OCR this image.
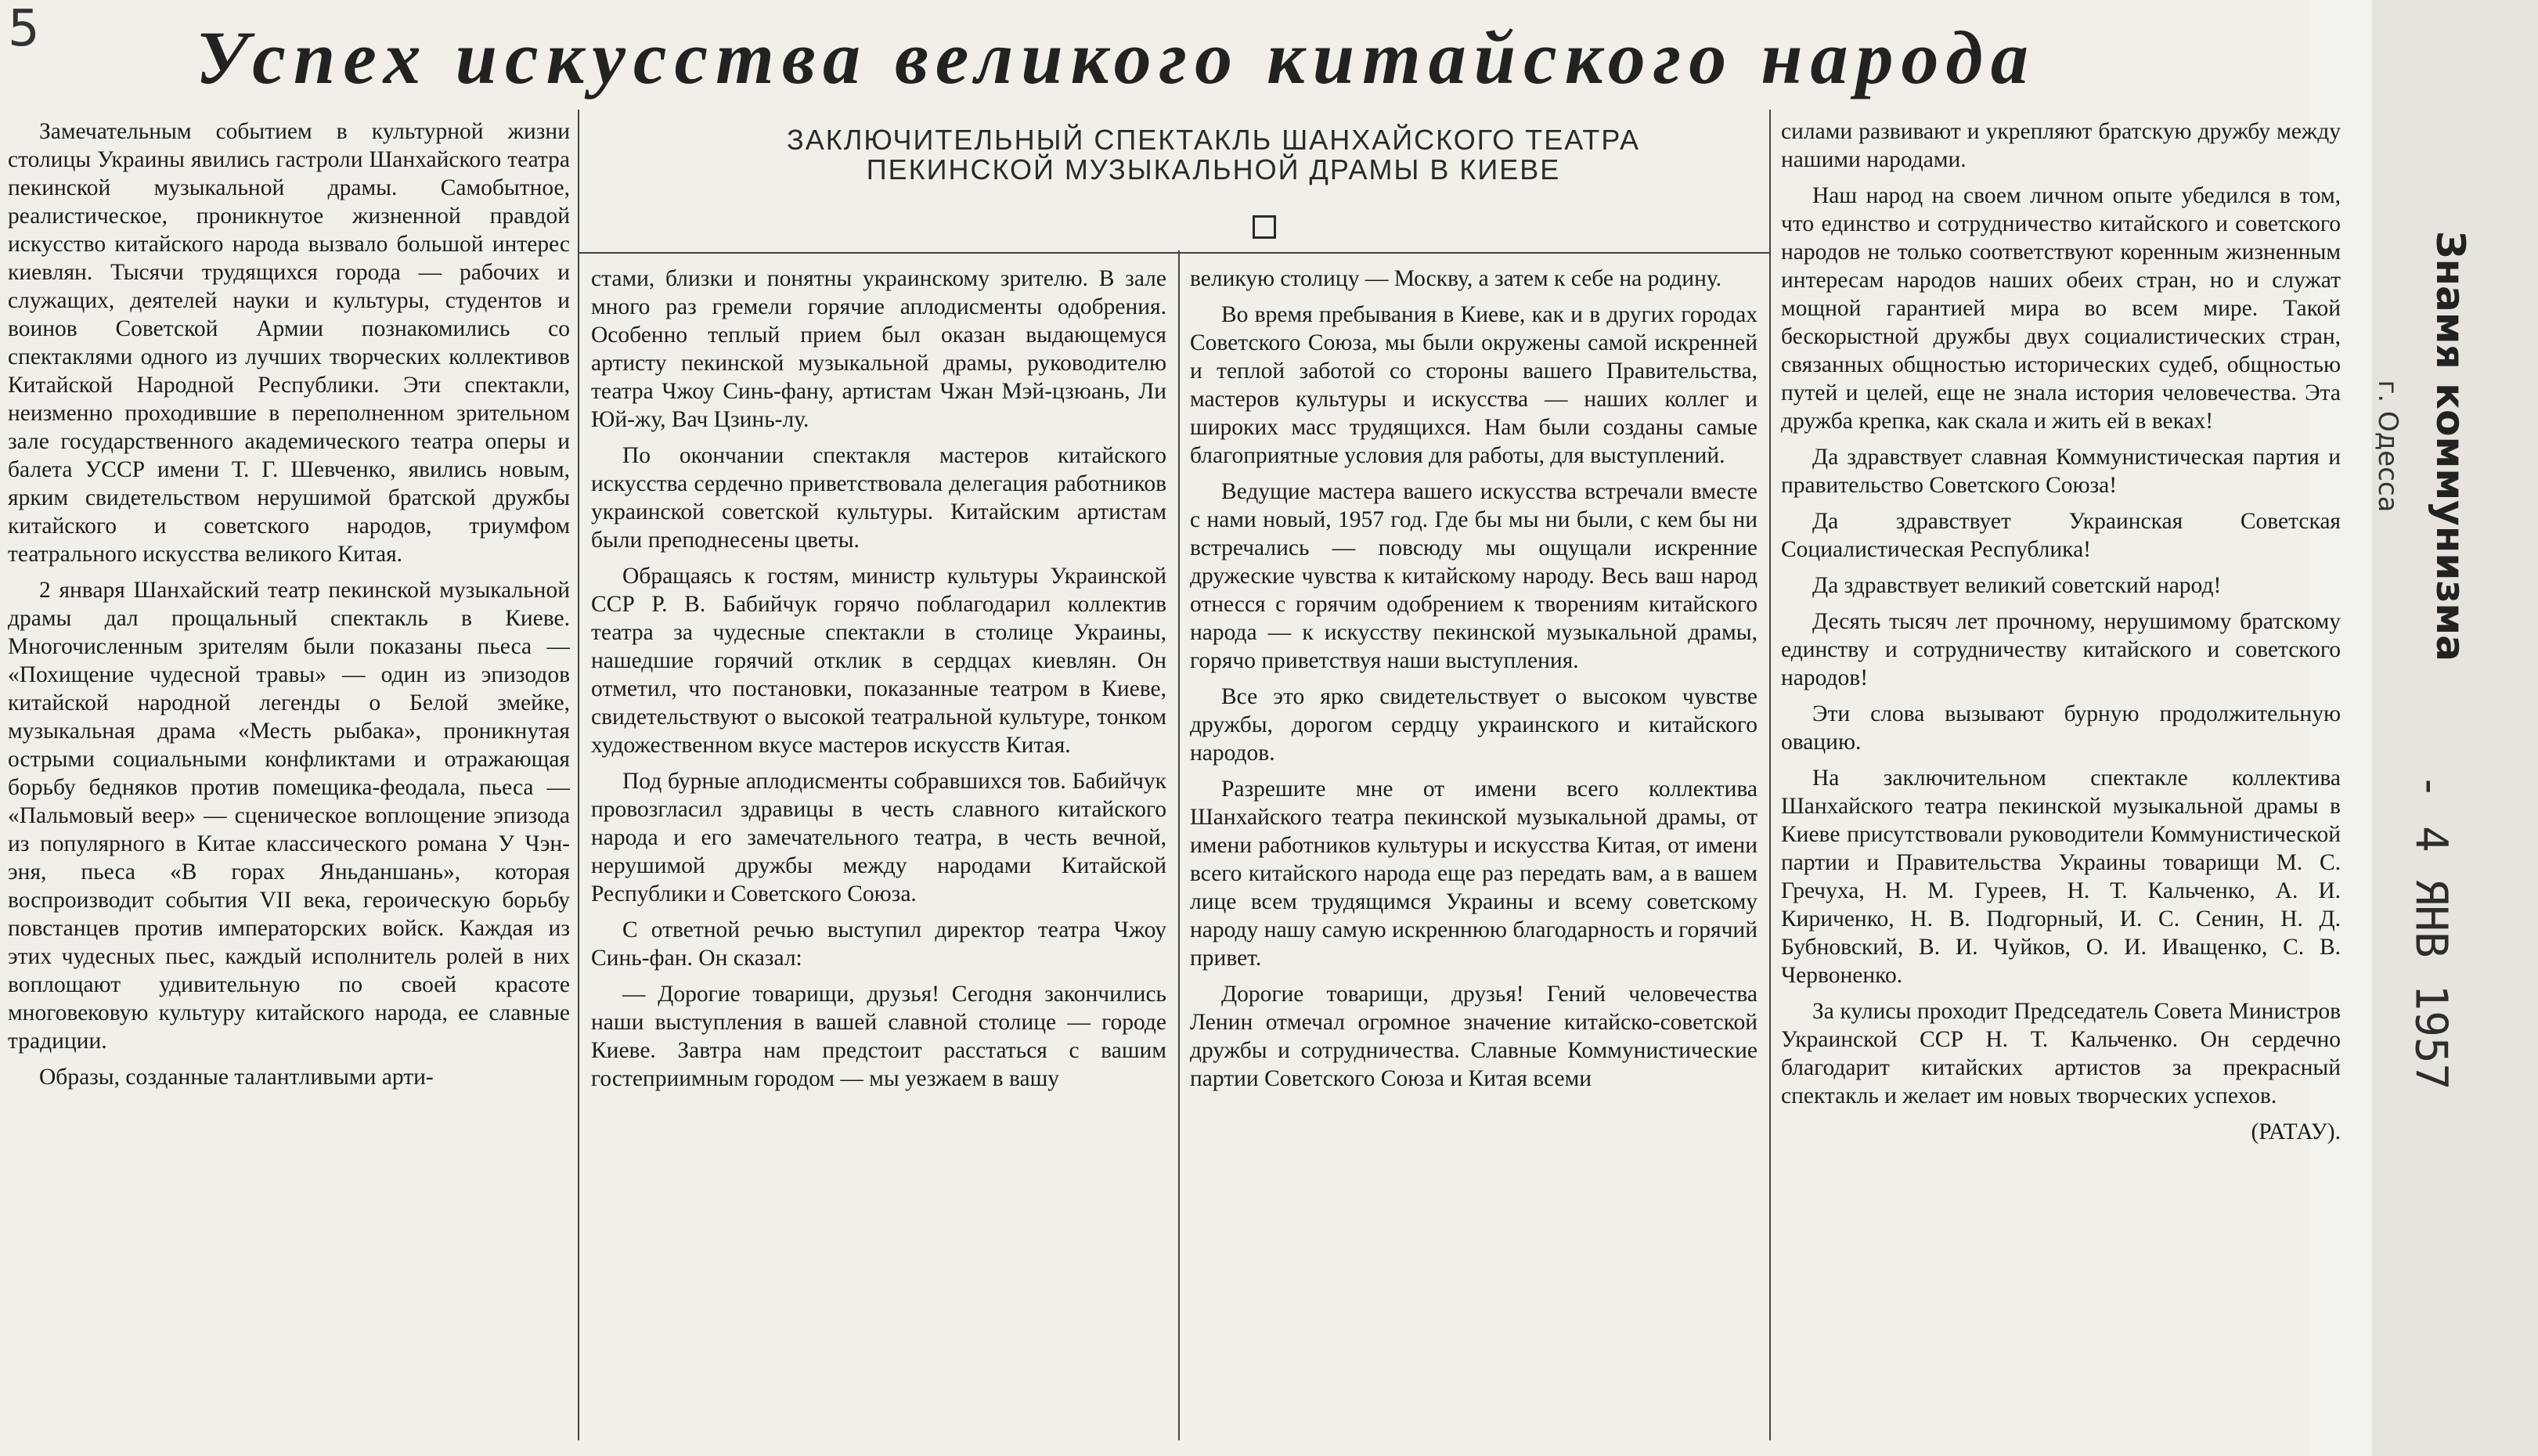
5 Успех искусства великого китайского народа
ЗАКЛЮЧИТЕЛЬНЫЙ СПЕКТАКЛЬ ШАНХАЙСКОГО ТЕАТРА
ПЕКИНСКОЙ МУЗЫКАЛЬНОЙ ДРАМЫ В КИЕВЕ

Замечательным событием в культурной жизни столицы Украины явились гастроли Шанхайского театра пекинской музыкальной драмы. Самобытное, реалистическое, проникнутое жизненной правдой искусство китайского народа вызвало большой интерес киевлян. Тысячи трудящихся города — рабочих и служащих, деятелей науки и культуры, студентов и воинов Советской Армии познакомились со спектаклями одного из лучших творческих коллективов Китайской Народной Республики. Эти спектакли, неизменно проходившие в переполненном зрительном зале государственного академического театра оперы и балета УССР имени Т. Г. Шевченко, явились новым, ярким свидетельством нерушимой братской дружбы китайского и советского народов, триумфом театрального искусства великого Китая.

2 января Шанхайский театр пекинской музыкальной драмы дал прощальный спектакль в Киеве. Многочисленным зрителям были показаны пьеса — «Похищение чудесной травы» — один из эпизодов китайской народной легенды о Белой змейке, музыкальная драма «Месть рыбака», проникнутая острыми социальными конфликтами и отражающая борьбу бедняков против помещика-феодала, пьеса — «Пальмовый веер» — сценическое воплощение эпизода из популярного в Китае классического романа У Чэн-эня, пьеса «В горах Яньданшань», которая воспроизводит события VII века, героическую борьбу повстанцев против императорских войск. Каждая из этих чудесных пьес, каждый исполнитель ролей в них воплощают удивительную по своей красоте многовековую культуру китайского народа, ее славные традиции.

Образы, созданные талантливыми арти-

стами, близки и понятны украинскому зрителю. В зале много раз гремели горячие аплодисменты одобрения. Особенно теплый прием был оказан выдающемуся артисту пекинской музыкальной драмы, руководителю театра Чжоу Синь-фану, артистам Чжан Мэй-цзюань, Ли Юй-жу, Вач Цзинь-лу.

По окончании спектакля мастеров китайского искусства сердечно приветствовала делегация работников украинской советской культуры. Китайским артистам были преподнесены цветы.

Обращаясь к гостям, министр культуры Украинской ССР Р. В. Бабийчук горячо поблагодарил коллектив театра за чудесные спектакли в столице Украины, нашедшие горячий отклик в сердцах киевлян. Он отметил, что постановки, показанные театром в Киеве, свидетельствуют о высокой театральной культуре, тонком художественном вкусе мастеров искусств Китая.

Под бурные аплодисменты собравшихся тов. Бабийчук провозгласил здравицы в честь славного китайского народа и его замечательного театра, в честь вечной, нерушимой дружбы между народами Китайской Республики и Советского Союза.

С ответной речью выступил директор театра Чжоу Синь-фан. Он сказал:

— Дорогие товарищи, друзья! Сегодня закончились наши выступления в вашей славной столице — городе Киеве. Завтра нам предстоит расстаться с вашим гостеприимным городом — мы уезжаем в вашу

великую столицу — Москву, а затем к себе на родину.

Во время пребывания в Киеве, как и в других городах Советского Союза, мы были окружены самой искренней и теплой заботой со стороны вашего Правительства, мастеров культуры и искусства — наших коллег и широких масс трудящихся. Нам были созданы самые благоприятные условия для работы, для выступлений.

Ведущие мастера вашего искусства встречали вместе с нами новый, 1957 год. Где бы мы ни были, с кем бы ни встречались — повсюду мы ощущали искренние дружеские чувства к китайскому народу. Весь ваш народ отнесся с горячим одобрением к творениям китайского народа — к искусству пекинской музыкальной драмы, горячо приветствуя наши выступления.

Все это ярко свидетельствует о высоком чувстве дружбы, дорогом сердцу украинского и китайского народов.

Разрешите мне от имени всего коллектива Шанхайского театра пекинской музыкальной драмы, от имени работников культуры и искусства Китая, от имени всего китайского народа еще раз передать вам, а в вашем лице всем трудящимся Украины и всему советскому народу нашу самую искреннюю благодарность и горячий привет.

Дорогие товарищи, друзья! Гений человечества Ленин отмечал огромное значение китайско-советской дружбы и сотрудничества. Славные Коммунистические партии Советского Союза и Китая всеми

силами развивают и укрепляют братскую дружбу между нашими народами.

Наш народ на своем личном опыте убедился в том, что единство и сотрудничество китайского и советского народов не только соответствуют коренным жизненным интересам народов наших обеих стран, но и служат мощной гарантией мира во всем мире. Такой бескорыстной дружбы двух социалистических стран, связанных общностью исторических судеб, общностью путей и целей, еще не знала история человечества. Эта дружба крепка, как скала и жить ей в веках!

Да здравствует славная Коммунистическая партия и правительство Советского Союза!

Да здравствует Украинская Советская Социалистическая Республика!

Да здравствует великий советский народ!

Десять тысяч лет прочному, нерушимому братскому единству и сотрудничеству китайского и советского народов!

Эти слова вызывают бурную продолжительную овацию.

На заключительном спектакле коллектива Шанхайского театра пекинской музыкальной драмы в Киеве присутствовали руководители Коммунистической партии и Правительства Украины товарищи М. С. Гречуха, Н. М. Гуреев, Н. Т. Кальченко, А. И. Кириченко, Н. В. Подгорный, И. С. Сенин, Н. Д. Бубновский, В. И. Чуйков, О. И. Иващенко, С. В. Червоненко.

За кулисы проходит Председатель Совета Министров Украинской ССР Н. Т. Кальченко. Он сердечно благодарит китайских артистов за прекрасный спектакль и желает им новых творческих успехов.

(РАТАУ).
Знамя коммунизма
г. Одесса
- 4 ЯНВ 1957
